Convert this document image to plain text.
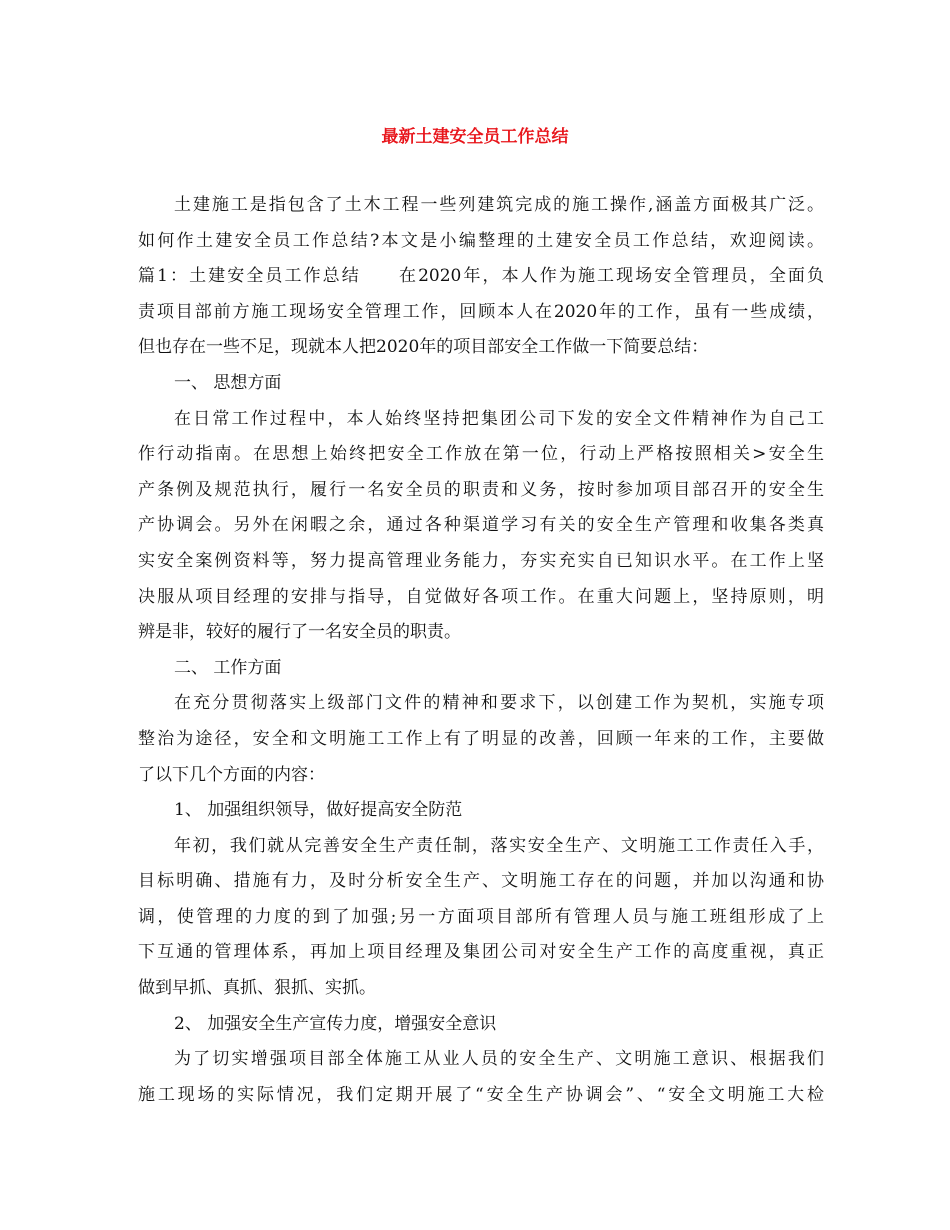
最新土建安全员工作总结
土建施工是指包含了土木工程一些列建筑完成的施工操作,涵盖方面极其广泛。
如何作土建安全员工作总结?本文是小编整理的土建安全员工作总结，欢迎阅读。
篇1：土建安全员工作总结　　在2020年，本人作为施工现场安全管理员，全面负
责项目部前方施工现场安全管理工作，回顾本人在2020年的工作，虽有一些成绩，
但也存在一些不足，现就本人把2020年的项目部安全工作做一下简要总结：
一、 思想方面
在日常工作过程中，本人始终坚持把集团公司下发的安全文件精神作为自己工
作行动指南。在思想上始终把安全工作放在第一位，行动上严格按照相关>安全生
产条例及规范执行，履行一名安全员的职责和义务，按时参加项目部召开的安全生
产协调会。另外在闲暇之余，通过各种渠道学习有关的安全生产管理和收集各类真
实安全案例资料等，努力提高管理业务能力，夯实充实自已知识水平。在工作上坚
决服从项目经理的安排与指导，自觉做好各项工作。在重大问题上，坚持原则，明
辨是非，较好的履行了一名安全员的职责。
二、 工作方面
在充分贯彻落实上级部门文件的精神和要求下，以创建工作为契机，实施专项
整治为途径，安全和文明施工工作上有了明显的改善，回顾一年来的工作，主要做
了以下几个方面的内容：
1、 加强组织领导，做好提高安全防范
年初，我们就从完善安全生产责任制，落实安全生产、文明施工工作责任入手，
目标明确、措施有力，及时分析安全生产、文明施工存在的问题，并加以沟通和协
调，使管理的力度的到了加强;另一方面项目部所有管理人员与施工班组形成了上
下互通的管理体系，再加上项目经理及集团公司对安全生产工作的高度重视，真正
做到早抓、真抓、狠抓、实抓。
2、 加强安全生产宣传力度，增强安全意识
为了切实增强项目部全体施工从业人员的安全生产、文明施工意识、根据我们
施工现场的实际情况，我们定期开展了“安全生产协调会”、“安全文明施工大检
